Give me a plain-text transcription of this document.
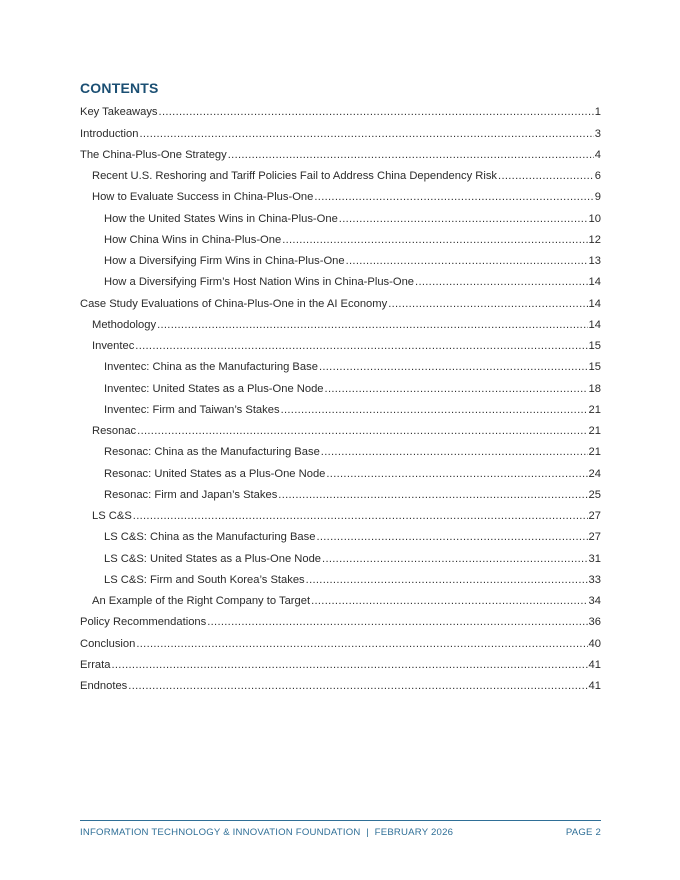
CONTENTS
Key Takeaways .....	1
Introduction .....	3
The China-Plus-One Strategy .....	4
Recent U.S. Reshoring and Tariff Policies Fail to Address China Dependency Risk .....	6
How to Evaluate Success in China-Plus-One .....	9
How the United States Wins in China-Plus-One .....	10
How China Wins in China-Plus-One .....	12
How a Diversifying Firm Wins in China-Plus-One .....	13
How a Diversifying Firm’s Host Nation Wins in China-Plus-One .....	14
Case Study Evaluations of China-Plus-One in the AI Economy .....	14
Methodology .....	14
Inventec .....	15
Inventec: China as the Manufacturing Base .....	15
Inventec: United States as a Plus-One Node .....	18
Inventec: Firm and Taiwan’s Stakes .....	21
Resonac .....	21
Resonac: China as the Manufacturing Base .....	21
Resonac: United States as a Plus-One Node .....	24
Resonac: Firm and Japan’s Stakes .....	25
LS C&S .....	27
LS C&S: China as the Manufacturing Base .....	27
LS C&S: United States as a Plus-One Node .....	31
LS C&S: Firm and South Korea’s Stakes .....	33
An Example of the Right Company to Target .....	34
Policy Recommendations .....	36
Conclusion .....	40
Errata .....	41
Endnotes .....	41
INFORMATION TECHNOLOGY & INNOVATION FOUNDATION  |  FEBRUARY 2026	PAGE 2
